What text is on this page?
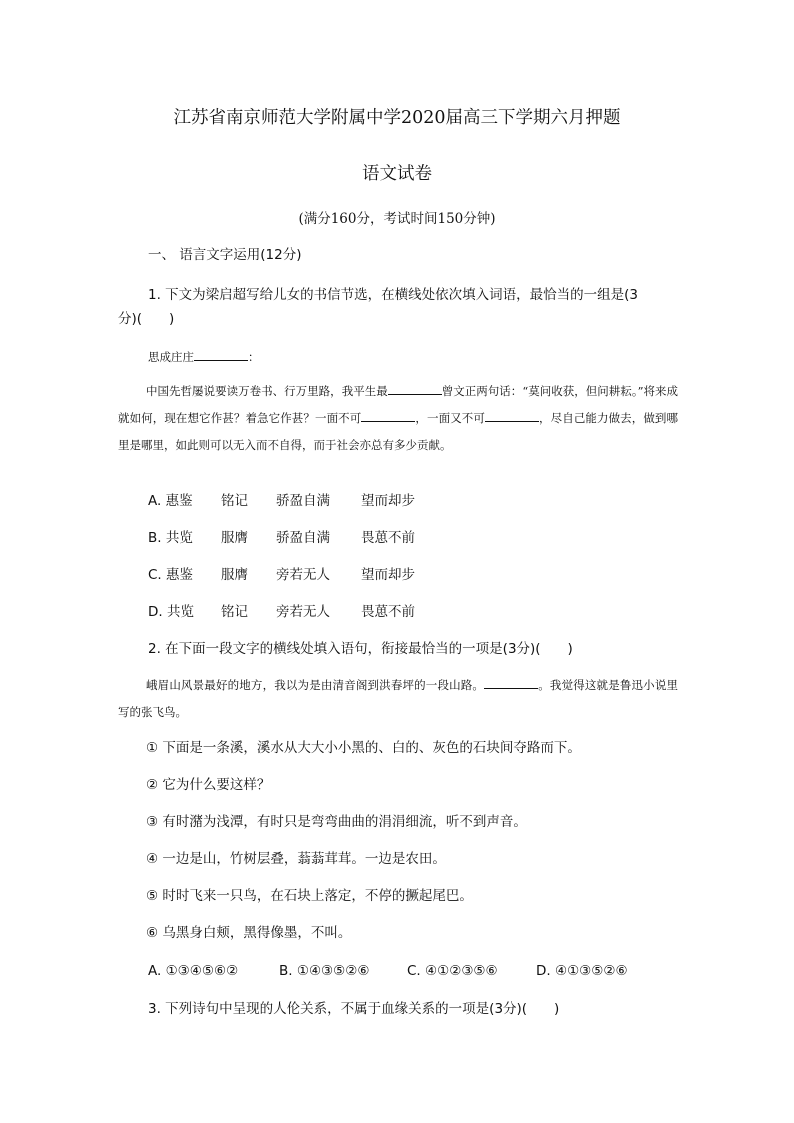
江苏省南京师范大学附属中学2020届高三下学期六月押题
语文试卷
(满分160分，考试时间150分钟)
一、 语言文字运用(12分)
1. 下文为梁启超写给儿女的书信节选，在横线处依次填入词语，最恰当的一组是(3
分)(　　)
思成庄庄	：
中国先哲屡说要读万卷书、行万里路，我平生最	曾文正两句话：“莫问收获，但问耕耘。”将来成就如何，现在想它作甚？着急它作甚？一面不可	，一面又不可	，尽自己能力做去，做到哪里是哪里，如此则可以无入而不自得，而于社会亦总有多少贡献。
A. 惠鉴 铭记 骄盈自满 望而却步
B. 共览 服膺 骄盈自满 畏葸不前
C. 惠鉴 服膺 旁若无人 望而却步
D. 共览 铭记 旁若无人 畏葸不前
2. 在下面一段文字的横线处填入语句，衔接最恰当的一项是(3分)(　　)
峨眉山风景最好的地方，我以为是由清音阁到洪春坪的一段山路。	。我觉得这就是鲁迅小说里写的张飞鸟。
① 下面是一条溪，溪水从大大小小黑的、白的、灰色的石块间夺路而下。
② 它为什么要这样？
③ 有时潴为浅潭，有时只是弯弯曲曲的涓涓细流，听不到声音。
④ 一边是山，竹树层叠，蓊蓊茸茸。一边是农田。
⑤ 时时飞来一只鸟，在石块上落定，不停的撅起尾巴。
⑥ 乌黑身白颊，黑得像墨，不叫。
A. ①③④⑤⑥②	B. ①④③⑤②⑥	C. ④①②③⑤⑥	D. ④①③⑤②⑥
3. 下列诗句中呈现的人伦关系，不属于血缘关系的一项是(3分)(　　)
